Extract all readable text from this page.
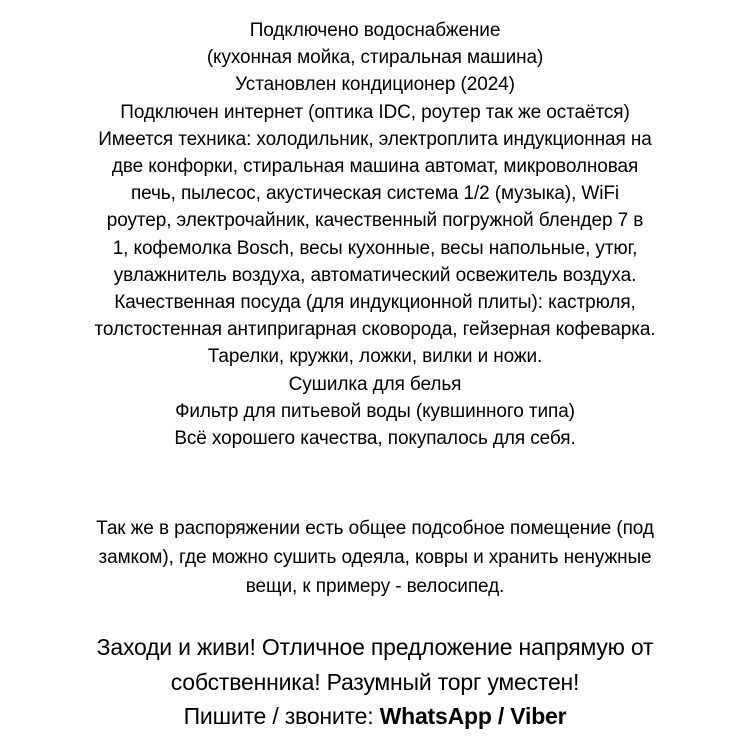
Подключено водоснабжение
(кухонная мойка, стиральная машина)
Установлен кондиционер (2024)
Подключен интернет (оптика IDC, роутер так же остаётся)
Имеется техника: холодильник, электроплита индукционная на
две конфорки, стиральная машина автомат, микроволновая
печь, пылесос, акустическая система 1/2 (музыка), WiFi
роутер, электрочайник, качественный погружной блендер 7 в
1, кофемолка Bosch, весы кухонные, весы напольные, утюг,
увлажнитель воздуха, автоматический освежитель воздуха.
Качественная посуда (для индукционной плиты): кастрюля,
толстостенная антипригарная сковорода, гейзерная кофеварка.
Тарелки, кружки, ложки, вилки и ножи.
Сушилка для белья
Фильтр для питьевой воды (кувшинного типа)
Всё хорошего качества, покупалось для себя.
Так же в распоряжении есть общее подсобное помещение (под
замком), где можно сушить одеяла, ковры и хранить ненужные
вещи, к примеру - велосипед.
Заходи и живи! Отличное предложение напрямую от
собственника! Разумный торг уместен!
Пишите / звоните: WhatsApp / Viber
